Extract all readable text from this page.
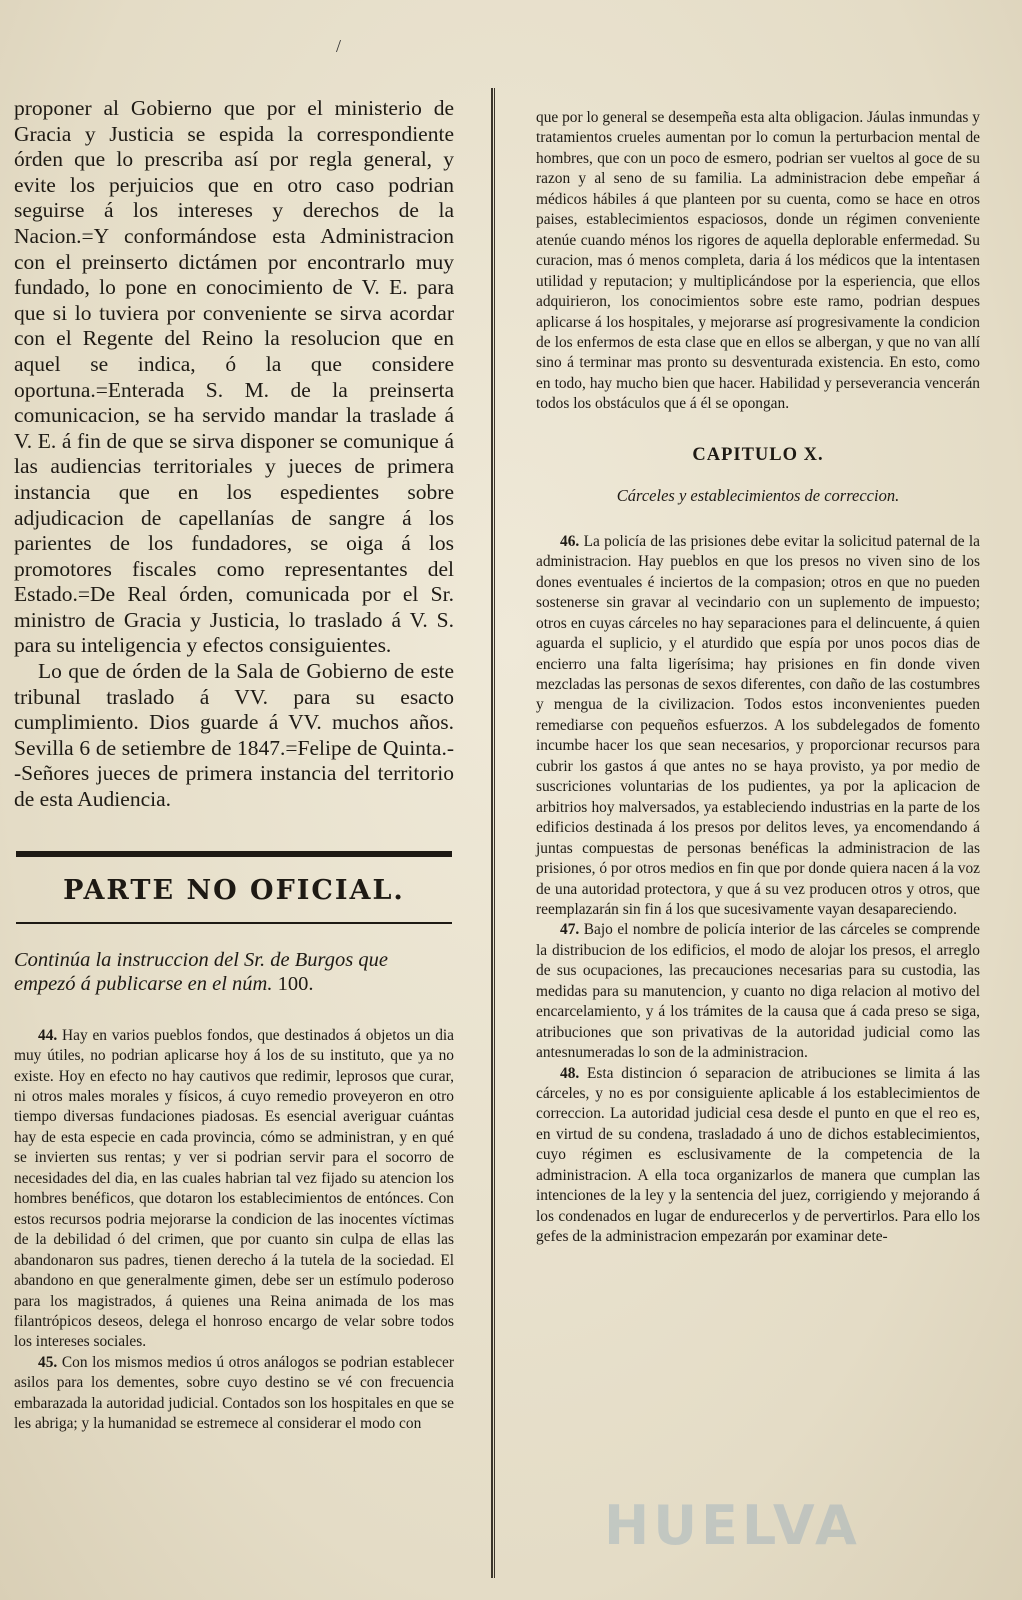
/

proponer al Gobierno que por el ministerio de Gracia y Justicia se espida la correspondiente órden que lo prescriba así por regla general, y evite los perjuicios que en otro caso podrian seguirse á los intereses y derechos de la Nacion.=Y conformándose esta Administracion con el preinserto dictámen por encontrarlo muy fundado, lo pone en conocimiento de V. E. para que si lo tuviera por conveniente se sirva acordar con el Regente del Reino la resolucion que en aquel se indica, ó la que considere oportuna.=Enterada S. M. de la preinserta comunicacion, se ha servido mandar la traslade á V. E. á fin de que se sirva disponer se comunique á las audiencias territoriales y jueces de primera instancia que en los espedientes sobre adjudicacion de capellanías de sangre á los parientes de los fundadores, se oiga á los promotores fiscales como representantes del Estado.=De Real órden, comunicada por el Sr. ministro de Gracia y Justicia, lo traslado á V. S. para su inteligencia y efectos consiguientes.

Lo que de órden de la Sala de Gobierno de este tribunal traslado á VV. para su esacto cumplimiento. Dios guarde á VV. muchos años. Sevilla 6 de setiembre de 1847.=Felipe de Quinta.--Señores jueces de primera instancia del territorio de esta Audiencia.

PARTE NO OFICIAL.

Continúa la instruccion del Sr. de Burgos que empezó á publicarse en el núm. 100.

44. Hay en varios pueblos fondos, que destinados á objetos un dia muy útiles, no podrian aplicarse hoy á los de su instituto, que ya no existe. Hoy en efecto no hay cautivos que redimir, leprosos que curar, ni otros males morales y físicos, á cuyo remedio proveyeron en otro tiempo diversas fundaciones piadosas. Es esencial averiguar cuántas hay de esta especie en cada provincia, cómo se administran, y en qué se invierten sus rentas; y ver si podrian servir para el socorro de necesidades del dia, en las cuales habrian tal vez fijado su atencion los hombres benéficos, que dotaron los establecimientos de entónces. Con estos recursos podria mejorarse la condicion de las inocentes víctimas de la debilidad ó del crimen, que por cuanto sin culpa de ellas las abandonaron sus padres, tienen derecho á la tutela de la sociedad. El abandono en que generalmente gimen, debe ser un estímulo poderoso para los magistrados, á quienes una Reina animada de los mas filantrópicos deseos, delega el honroso encargo de velar sobre todos los intereses sociales.

45. Con los mismos medios ú otros análogos se podrian establecer asilos para los dementes, sobre cuyo destino se vé con frecuencia embarazada la autoridad judicial. Contados son los hospitales en que se les abriga; y la humanidad se estremece al considerar el modo con

que por lo general se desempeña esta alta obligacion. Jáulas inmundas y tratamientos crueles aumentan por lo comun la perturbacion mental de hombres, que con un poco de esmero, podrian ser vueltos al goce de su razon y al seno de su familia. La administracion debe empeñar á médicos hábiles á que planteen por su cuenta, como se hace en otros paises, establecimientos espaciosos, donde un régimen conveniente atenúe cuando ménos los rigores de aquella deplorable enfermedad. Su curacion, mas ó menos completa, daria á los médicos que la intentasen utilidad y reputacion; y multiplicándose por la esperiencia, que ellos adquirieron, los conocimientos sobre este ramo, podrian despues aplicarse á los hospitales, y mejorarse así progresivamente la condicion de los enfermos de esta clase que en ellos se albergan, y que no van allí sino á terminar mas pronto su desventurada existencia. En esto, como en todo, hay mucho bien que hacer. Habilidad y perseverancia vencerán todos los obstáculos que á él se opongan.

CAPITULO X.
Cárceles y establecimientos de correccion.

46. La policía de las prisiones debe evitar la solicitud paternal de la administracion. Hay pueblos en que los presos no viven sino de los dones eventuales é inciertos de la compasion; otros en que no pueden sostenerse sin gravar al vecindario con un suplemento de impuesto; otros en cuyas cárceles no hay separaciones para el delincuente, á quien aguarda el suplicio, y el aturdido que espía por unos pocos dias de encierro una falta ligerísima; hay prisiones en fin donde viven mezcladas las personas de sexos diferentes, con daño de las costumbres y mengua de la civilizacion. Todos estos inconvenientes pueden remediarse con pequeños esfuerzos. A los subdelegados de fomento incumbe hacer los que sean necesarios, y proporcionar recursos para cubrir los gastos á que antes no se haya provisto, ya por medio de suscriciones voluntarias de los pudientes, ya por la aplicacion de arbitrios hoy malversados, ya estableciendo industrias en la parte de los edificios destinada á los presos por delitos leves, ya encomendando á juntas compuestas de personas benéficas la administracion de las prisiones, ó por otros medios en fin que por donde quiera nacen á la voz de una autoridad protectora, y que á su vez producen otros y otros, que reemplazarán sin fin á los que sucesivamente vayan desapareciendo.

47. Bajo el nombre de policía interior de las cárceles se comprende la distribucion de los edificios, el modo de alojar los presos, el arreglo de sus ocupaciones, las precauciones necesarias para su custodia, las medidas para su manutencion, y cuanto no diga relacion al motivo del encarcelamiento, y á los trámites de la causa que á cada preso se siga, atribuciones que son privativas de la autoridad judicial como las antesnumeradas lo son de la administracion.

48. Esta distincion ó separacion de atribuciones se limita á las cárceles, y no es por consiguiente aplicable á los establecimientos de correccion. La autoridad judicial cesa desde el punto en que el reo es, en virtud de su condena, trasladado á uno de dichos establecimientos, cuyo régimen es esclusivamente de la competencia de la administracion. A ella toca organizarlos de manera que cumplan las intenciones de la ley y la sentencia del juez, corrigiendo y mejorando á los condenados en lugar de endurecerlos y de pervertirlos. Para ello los gefes de la administracion empezarán por examinar dete-

HUELVA
